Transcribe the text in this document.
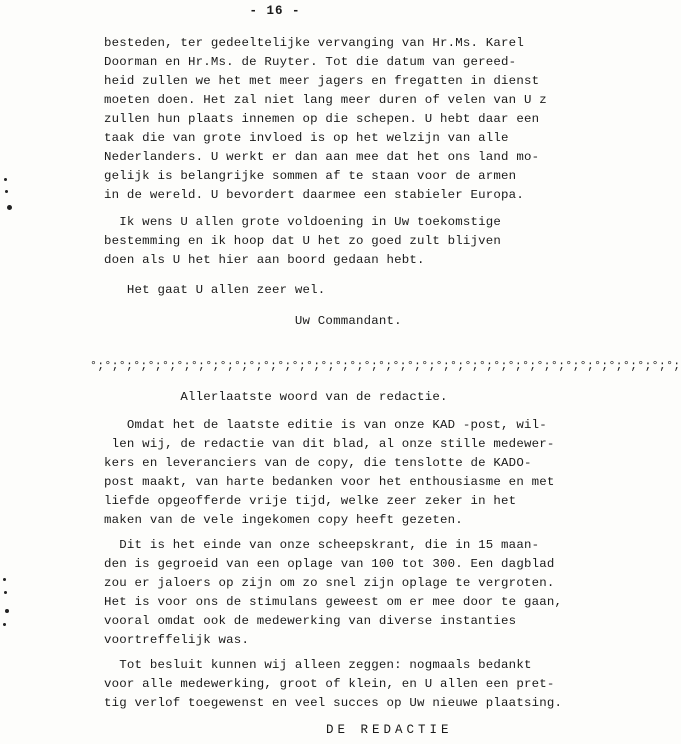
- 16 -
besteden, ter gedeeltelijke vervanging van Hr.Ms. Karel
Doorman en Hr.Ms. de Ruyter. Tot die datum van gereed-
heid zullen we het met meer jagers en fregatten in dienst
moeten doen. Het zal niet lang meer duren of velen van U z
zullen hun plaats innemen op die schepen. U hebt daar een
taak die van grote invloed is op het welzijn van alle
Nederlanders. U werkt er dan aan mee dat het ons land mo-
gelijk is belangrijke sommen af te staan voor de armen
in de wereld. U bevordert daarmee een stabieler Europa.
Ik wens U allen grote voldoening in Uw toekomstige
bestemming en ik hoop dat U het zo goed zult blijven
doen als U het hier aan boord gedaan hebt.
Het gaat U allen zeer wel.
Uw Commandant.
Allerlaatste woord van de redactie.
Omdat het de laatste editie is van onze KAD -post, wil-
len wij, de redactie van dit blad, al onze stille medewer-
kers en leveranciers van de copy, die tenslotte de KADO-
post maakt, van harte bedanken voor het enthousiasme en met
liefde opgeofferde vrije tijd, welke zeer zeker in het
maken van de vele ingekomen copy heeft gezeten.
Dit is het einde van onze scheepskrant, die in 15 maan-
den is gegroeid van een oplage van 100 tot 300. Een dagblad
zou er jaloers op zijn om zo snel zijn oplage te vergroten.
Het is voor ons de stimulans geweest om er mee door te gaan,
vooral omdat ook de medewerking van diverse instanties
voortreffelijk was.
Tot besluit kunnen wij alleen zeggen: nogmaals bedankt
voor alle medewerking, groot of klein, en U allen een pret-
tig verlof toegewenst en veel succes op Uw nieuwe plaatsing.
°;°;°;°;°;°;°;°;°;°;°;°;°;°;°;°;°;°;°;°;°;°;°;°;°;°;°;°;°;°;°;°;°;°;°;°;°;°;°;°;°;
DE REDACTIE
